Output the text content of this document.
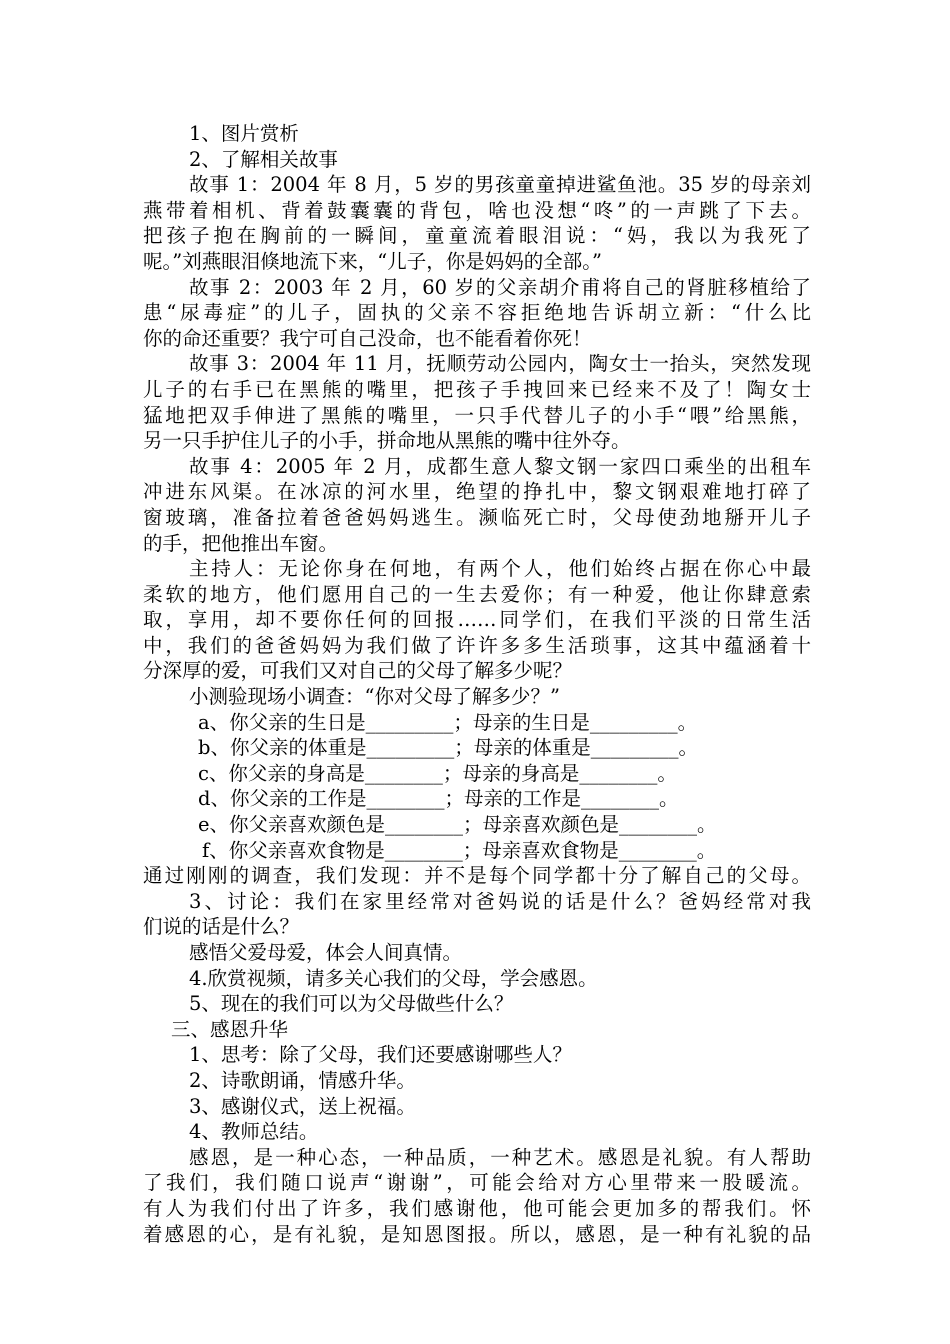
1、图片赏析
2、了解相关故事
故事 1：2004 年 8 月，5 岁的男孩童童掉进鲨鱼池。35 岁的母亲刘
燕带着相机、背着鼓囊囊的背包，啥也没想“咚”的一声跳了下去。
把孩子抱在胸前的一瞬间，童童流着眼泪说：“妈，我以为我死了
呢。”刘燕眼泪倏地流下来，“儿子，你是妈妈的全部。”
故事 2：2003 年 2 月，60 岁的父亲胡介甫将自己的肾脏移植给了
患“尿毒症”的儿子，固执的父亲不容拒绝地告诉胡立新：“什么比
你的命还重要？我宁可自己没命，也不能看着你死！
故事 3：2004 年 11 月，抚顺劳动公园内，陶女士一抬头，突然发现
儿子的右手已在黑熊的嘴里，把孩子手拽回来已经来不及了！陶女士
猛地把双手伸进了黑熊的嘴里，一只手代替儿子的小手“喂”给黑熊，
另一只手护住儿子的小手，拼命地从黑熊的嘴中往外夺。
故事 4：2005 年 2 月，成都生意人黎文钢一家四口乘坐的出租车
冲进东风渠。在冰凉的河水里，绝望的挣扎中，黎文钢艰难地打碎了
窗玻璃，准备拉着爸爸妈妈逃生。濒临死亡时，父母使劲地掰开儿子
的手，把他推出车窗。
主持人：无论你身在何地，有两个人，他们始终占据在你心中最
柔软的地方，他们愿用自己的一生去爱你；有一种爱，他让你肆意索
取，享用，却不要你任何的回报……同学们，在我们平淡的日常生活
中，我们的爸爸妈妈为我们做了许许多多生活琐事，这其中蕴涵着十
分深厚的爱，可我们又对自己的父母了解多少呢？
小测验现场小调查：“你对父母了解多少？”
a、你父亲的生日是_________；母亲的生日是_________。
b、你父亲的体重是_________；母亲的体重是_________。
c、你父亲的身高是________；母亲的身高是________。
d、你父亲的工作是________；母亲的工作是________。
e、你父亲喜欢颜色是________；母亲喜欢颜色是________。
f、你父亲喜欢食物是________；母亲喜欢食物是________。
通过刚刚的调查，我们发现：并不是每个同学都十分了解自己的父母。
3、讨论：我们在家里经常对爸妈说的话是什么？爸妈经常对我
们说的话是什么？
感悟父爱母爱，体会人间真情。
4.欣赏视频，请多关心我们的父母，学会感恩。
5、现在的我们可以为父母做些什么？
三、感恩升华
1、思考：除了父母，我们还要感谢哪些人？
2、诗歌朗诵，情感升华。
3、感谢仪式，送上祝福。
4、教师总结。
感恩，是一种心态，一种品质，一种艺术。感恩是礼貌。有人帮助
了我们，我们随口说声“谢谢”，可能会给对方心里带来一股暖流。
有人为我们付出了许多，我们感谢他，他可能会更加多的帮我们。怀
着感恩的心，是有礼貌，是知恩图报。所以，感恩，是一种有礼貌的品
